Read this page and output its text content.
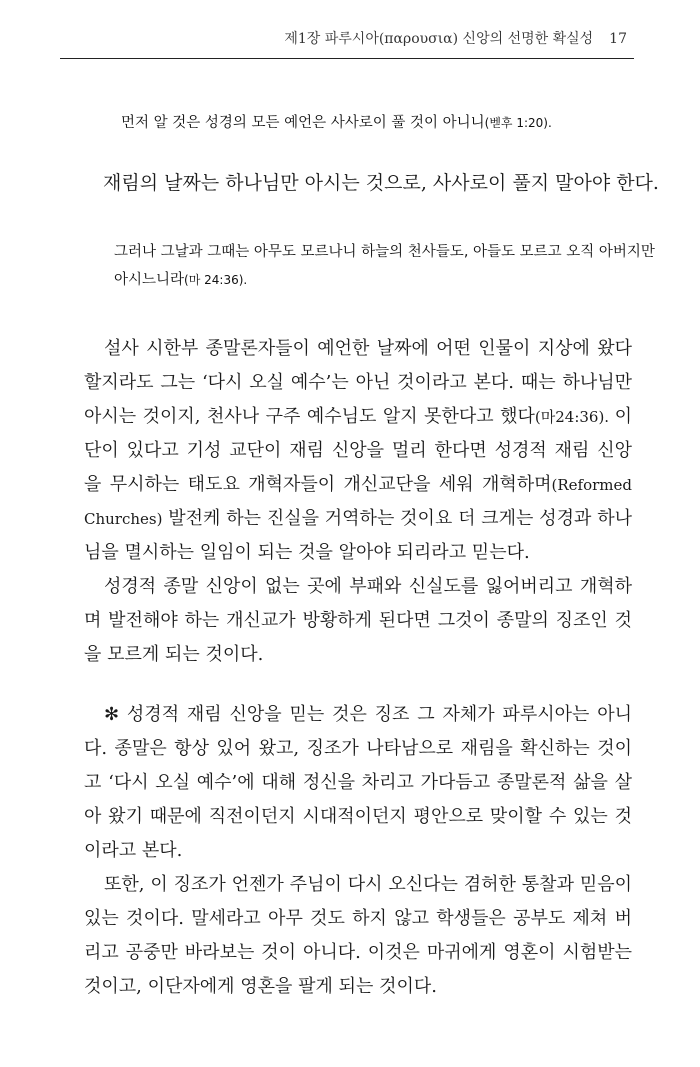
제1장 파루시아(παρουσια) 신앙의 선명한 확실성 17
먼저 알 것은 성경의 모든 예언은 사사로이 풀 것이 아니니(벧후 1:20).
재림의 날짜는 하나님만 아시는 것으로, 사사로이 풀지 말아야 한다.
그러나 그날과 그때는 아무도 모르나니 하늘의 천사들도, 아들도 모르고 오직 아버지만
아시느니라(마 24:36).
설사 시한부 종말론자들이 예언한 날짜에 어떤 인물이 지상에 왔다
할지라도 그는 ‘다시 오실 예수’는 아닌 것이라고 본다. 때는 하나님만
아시는 것이지, 천사나 구주 예수님도 알지 못한다고 했다(마24:36). 이
단이 있다고 기성 교단이 재림 신앙을 멀리 한다면 성경적 재림 신앙
을 무시하는 태도요 개혁자들이 개신교단을 세워 개혁하며(Reformed
Churches) 발전케 하는 진실을 거역하는 것이요 더 크게는 성경과 하나
님을 멸시하는 일임이 되는 것을 알아야 되리라고 믿는다.
성경적 종말 신앙이 없는 곳에 부패와 신실도를 잃어버리고 개혁하
며 발전해야 하는 개신교가 방황하게 된다면 그것이 종말의 징조인 것
을 모르게 되는 것이다.
✻ 성경적 재림 신앙을 믿는 것은 징조 그 자체가 파루시아는 아니
다. 종말은 항상 있어 왔고, 징조가 나타남으로 재림을 확신하는 것이
고 ‘다시 오실 예수’에 대해 정신을 차리고 가다듬고 종말론적 삶을 살
아 왔기 때문에 직전이던지 시대적이던지 평안으로 맞이할 수 있는 것
이라고 본다.
또한, 이 징조가 언젠가 주님이 다시 오신다는 겸허한 통찰과 믿음이
있는 것이다. 말세라고 아무 것도 하지 않고 학생들은 공부도 제쳐 버
리고 공중만 바라보는 것이 아니다. 이것은 마귀에게 영혼이 시험받는
것이고, 이단자에게 영혼을 팔게 되는 것이다.
